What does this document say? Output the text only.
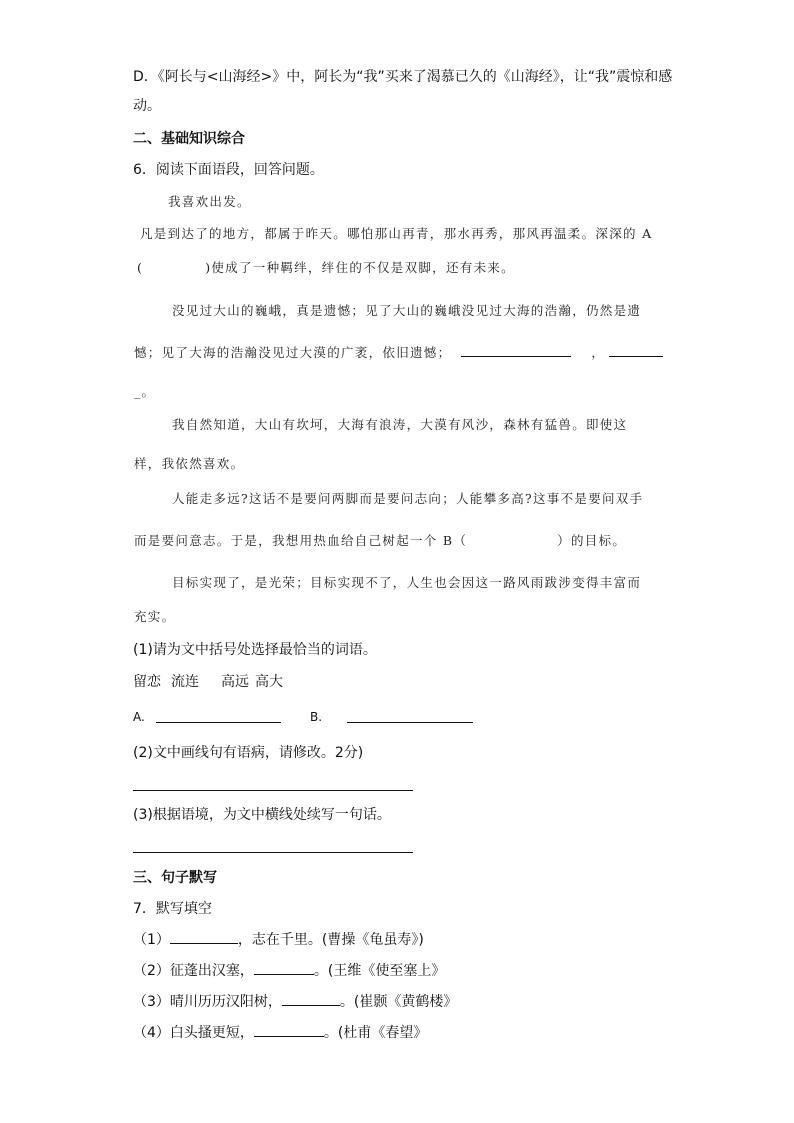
D．《阿长与<山海经>》中，阿长为“我”买来了渴慕已久的《山海经》，让“我”震惊和感
动。
二、基础知识综合
6．阅读下面语段，回答问题。
我喜欢出发。
凡是到达了的地方，都属于昨天。哪怕那山再青，那水再秀，那风再温柔。深深的 A
(	)使成了一种羁绊，绊住的不仅是双脚，还有未来。
没见过大山的巍峨，真是遗憾；见了大山的巍峨没见过大海的浩瀚，仍然是遗
憾；见了大海的浩瀚没见过大漠的广袤，依旧遗憾；	，
_。
我自然知道，大山有坎坷，大海有浪涛，大漠有风沙，森林有猛兽。即使这
样，我依然喜欢。
人能走多远?这话不是要问两脚而是要问志向；人能攀多高?这事不是要问双手
而是要问意志。于是，我想用热血给自己树起一个 B（	）的目标。
目标实现了，是光荣；目标实现不了，人生也会因这一路风雨跋涉变得丰富而
充实。
(1)请为文中括号处选择最恰当的词语。
留恋 流连 高远 高大
A.	B.
(2)文中画线句有语病，请修改。2分)
(3)根据语境，为文中横线处续写一句话。
三、句子默写
7．默写填空
（1）	，志在千里。(曹操《龟虽寿》)
（2）征蓬出汉塞，	。(王维《使至塞上》
（3）晴川历历汉阳树，	。(崔颢《黄鹤楼》
（4）白头搔更短，	。(杜甫《春望》
